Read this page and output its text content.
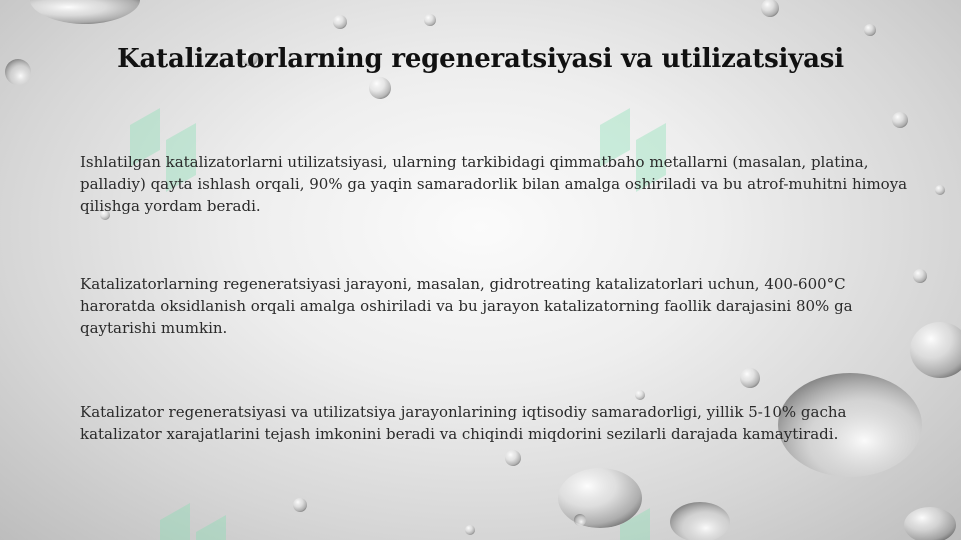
Katalizatorlarning regeneratsiyasi va utilizatsiyasi

Ishlatilgan katalizatorlarni utilizatsiyasi, ularning tarkibidagi qimmatbaho metallarni (masalan, platina, palladiy) qayta ishlash orqali, 90% ga yaqin samaradorlik bilan amalga oshiriladi va bu atrof-muhitni himoya qilishga yordam beradi.

Katalizatorlarning regeneratsiyasi jarayoni, masalan, gidrotreating katalizatorlari uchun, 400-600°C haroratda oksidlanish orqali amalga oshiriladi va bu jarayon katalizatorning faollik darajasini 80% ga qaytarishi mumkin.

Katalizator regeneratsiyasi va utilizatsiya jarayonlarining iqtisodiy samaradorligi, yillik 5-10% gacha katalizator xarajatlarini tejash imkonini beradi va chiqindi miqdorini sezilarli darajada kamaytiradi.
